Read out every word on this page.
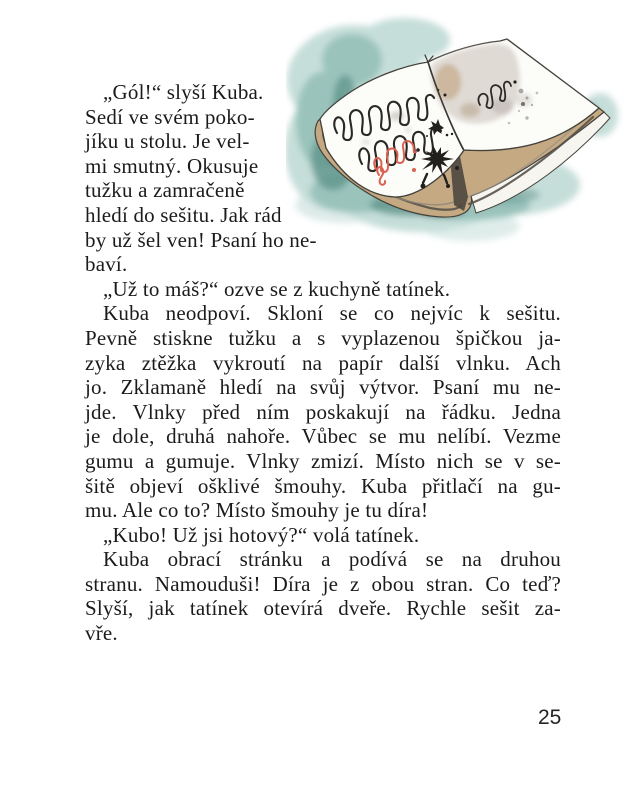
„Gól!“ slyší Kuba.
Sedí ve svém poko-
jíku u stolu. Je vel-
mi smutný. Okusuje
tužku a zamračeně
hledí do sešitu. Jak rád
by už šel ven! Psaní ho ne-
baví.
„Už to máš?“ ozve se z kuchyně tatínek.
Kuba neodpoví. Skloní se co nejvíc k sešitu.
Pevně stiskne tužku a s vyplazenou špičkou ja-
zyka ztěžka vykroutí na papír další vlnku. Ach
jo. Zklamaně hledí na svůj výtvor. Psaní mu ne-
jde. Vlnky před ním poskakují na řádku. Jedna
je dole, druhá nahoře. Vůbec se mu nelíbí. Vezme
gumu a gumuje. Vlnky zmizí. Místo nich se v se-
šitě objeví ošklivé šmouhy. Kuba přitlačí na gu-
mu. Ale co to? Místo šmouhy je tu díra!
„Kubo! Už jsi hotový?“ volá tatínek.
Kuba obrací stránku a podívá se na druhou
stranu. Namouduši! Díra je z obou stran. Co teď?
Slyší, jak tatínek otevírá dveře. Rychle sešit za-
vře.
25
